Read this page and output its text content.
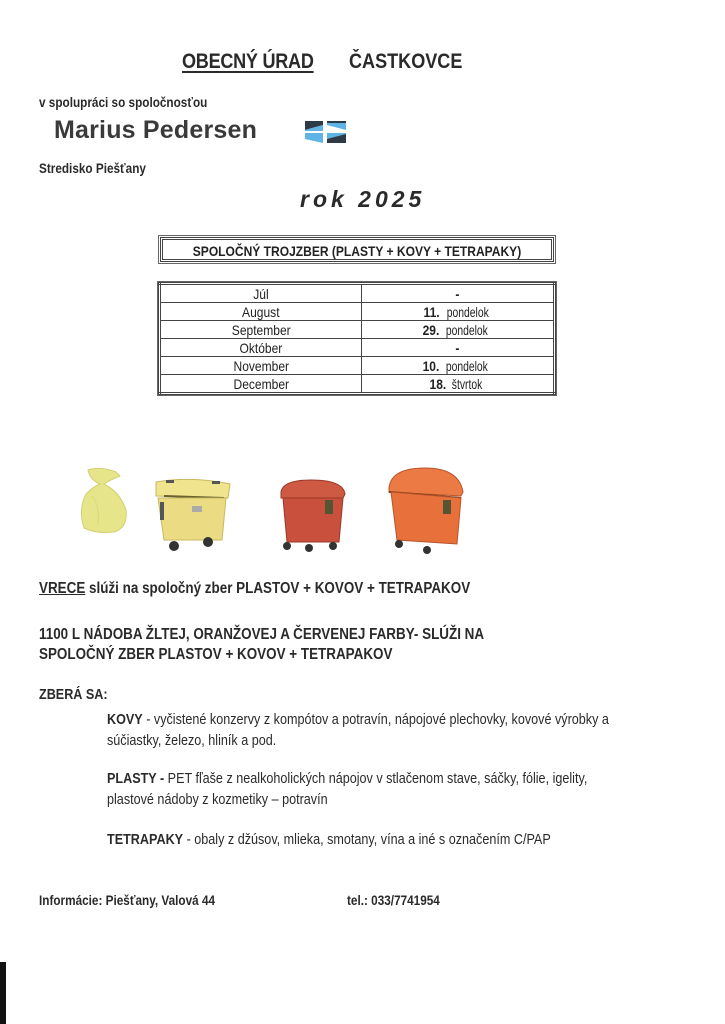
OBECNÝ ÚRAD ČASTKOVCE
v spolupráci so spoločnosťou
Marius Pedersen
Stredisko Piešťany
rok 2025
SPOLOČNÝ TROJZBER (PLASTY + KOVY + TETRAPAKY)
Júl	-
August	11. pondelok
September	29. pondelok
Október	-
November	10. pondelok
December	18. štvrtok
VRECE slúži na spoločný zber PLASTOV + KOVOV + TETRAPAKOV
1100 L NÁDOBA ŽLTEJ, ORANŽOVEJ A ČERVENEJ FARBY- SLÚŽI NA
SPOLOČNÝ ZBER PLASTOV + KOVOV + TETRAPAKOV
ZBERÁ SA:
KOVY - vyčistené konzervy z kompótov a potravín, nápojové plechovky, kovové výrobky a súčiastky, železo, hliník a pod.
PLASTY - PET fľaše z nealkoholických nápojov v stlačenom stave, sáčky, fólie, igelity, plastové nádoby z kozmetiky – potravín
TETRAPAKY - obaly z džúsov, mlieka, smotany, vína a iné s označením C/PAP
Informácie: Piešťany, Valová 44	tel.: 033/7741954
